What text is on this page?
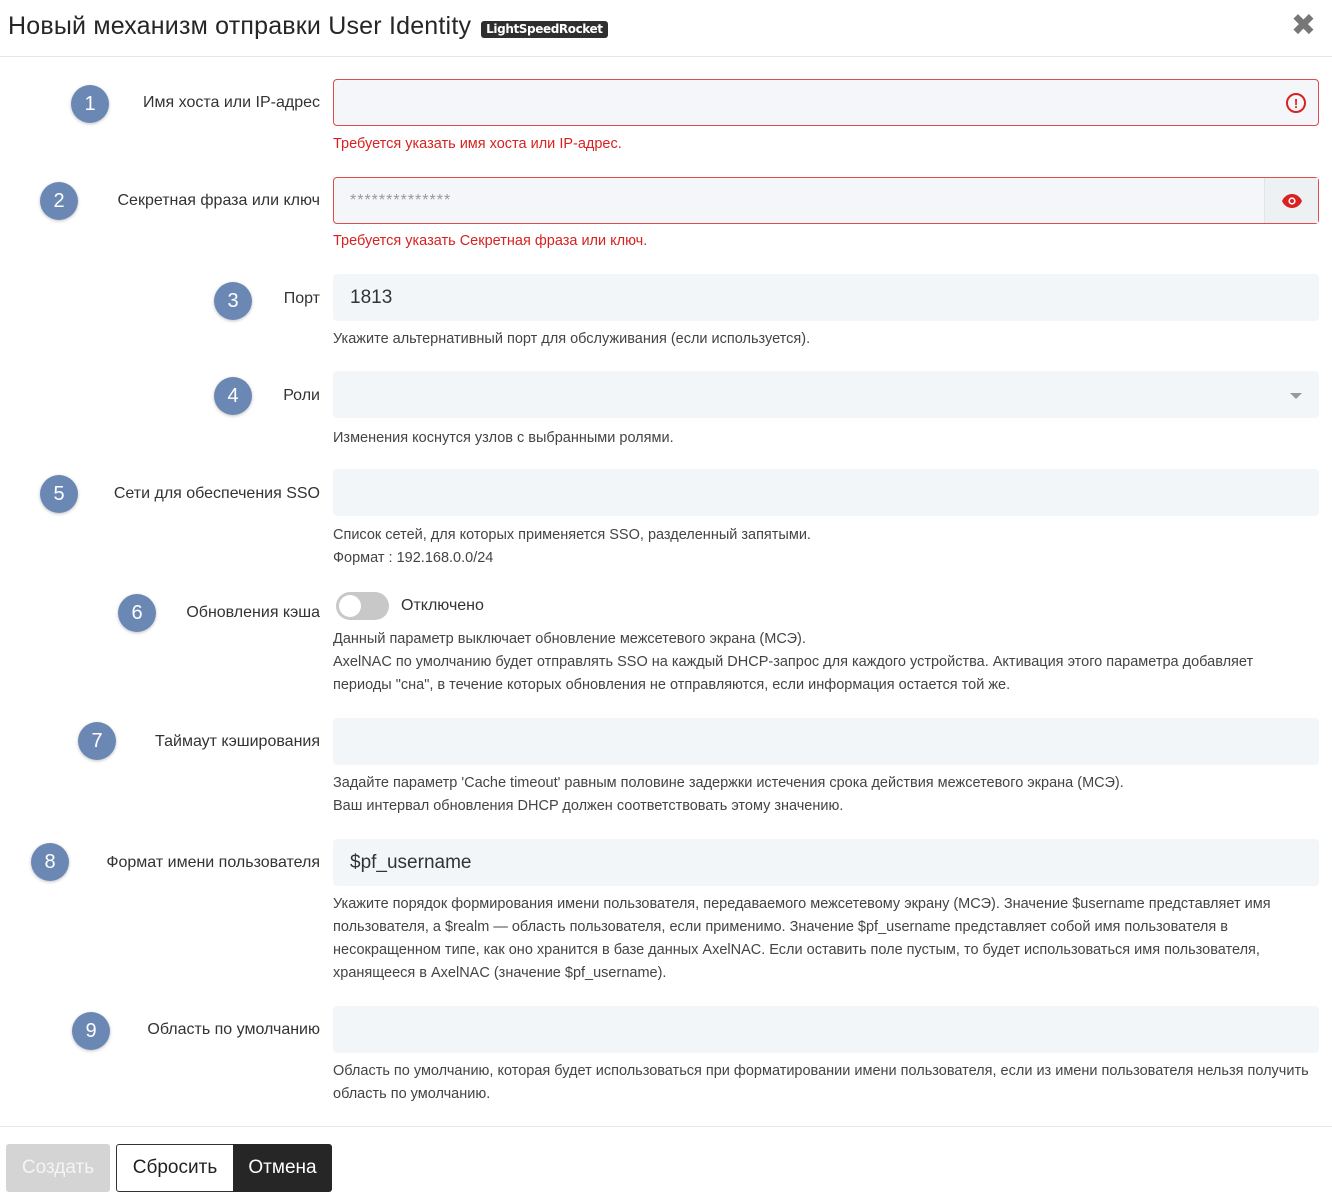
Новый механизм отправки User Identity	LightSpeedRocket	✖
1	Имя хоста или IP-адрес	!
Требуется указать имя хоста или IP-адрес.
2	Секретная фраза или ключ **************
Требуется указать Секретная фраза или ключ.
3	Порт 1813
Укажите альтернативный порт для обслуживания (если используется).
4	Роли
Изменения коснутся узлов с выбранными ролями.
5	Сети для обеспечения SSO
Список сетей, для которых применяется SSO, разделенный запятыми.
Формат : 192.168.0.0/24
6	Обновления кэша	Отключено
Данный параметр выключает обновление межсетевого экрана (МСЭ).
AxelNAC по умолчанию будет отправлять SSO на каждый DHCP-запрос для каждого устройства. Активация этого параметра добавляет периоды "сна", в течение которых обновления не отправляются, если информация остается той же.
7	Таймаут кэширования
Задайте параметр 'Cache timeout' равным половине задержки истечения срока действия межсетевого экрана (МСЭ).
Ваш интервал обновления DHCP должен соответствовать этому значению.
8	Формат имени пользователя $pf_username
Укажите порядок формирования имени пользователя, передаваемого межсетевому экрану (МСЭ). Значение $username представляет имя пользователя, а $realm — область пользователя, если применимо. Значение $pf_username представляет собой имя пользователя в несокращенном типе, как оно хранится в базе данных AxelNAC. Если оставить поле пустым, то будет использоваться имя пользователя, хранящееся в AxelNAC (значение $pf_username).
9	Область по умолчанию
Область по умолчанию, которая будет использоваться при форматировании имени пользователя, если из имени пользователя нельзя получить область по умолчанию.
Создать	Сбросить	Отмена
